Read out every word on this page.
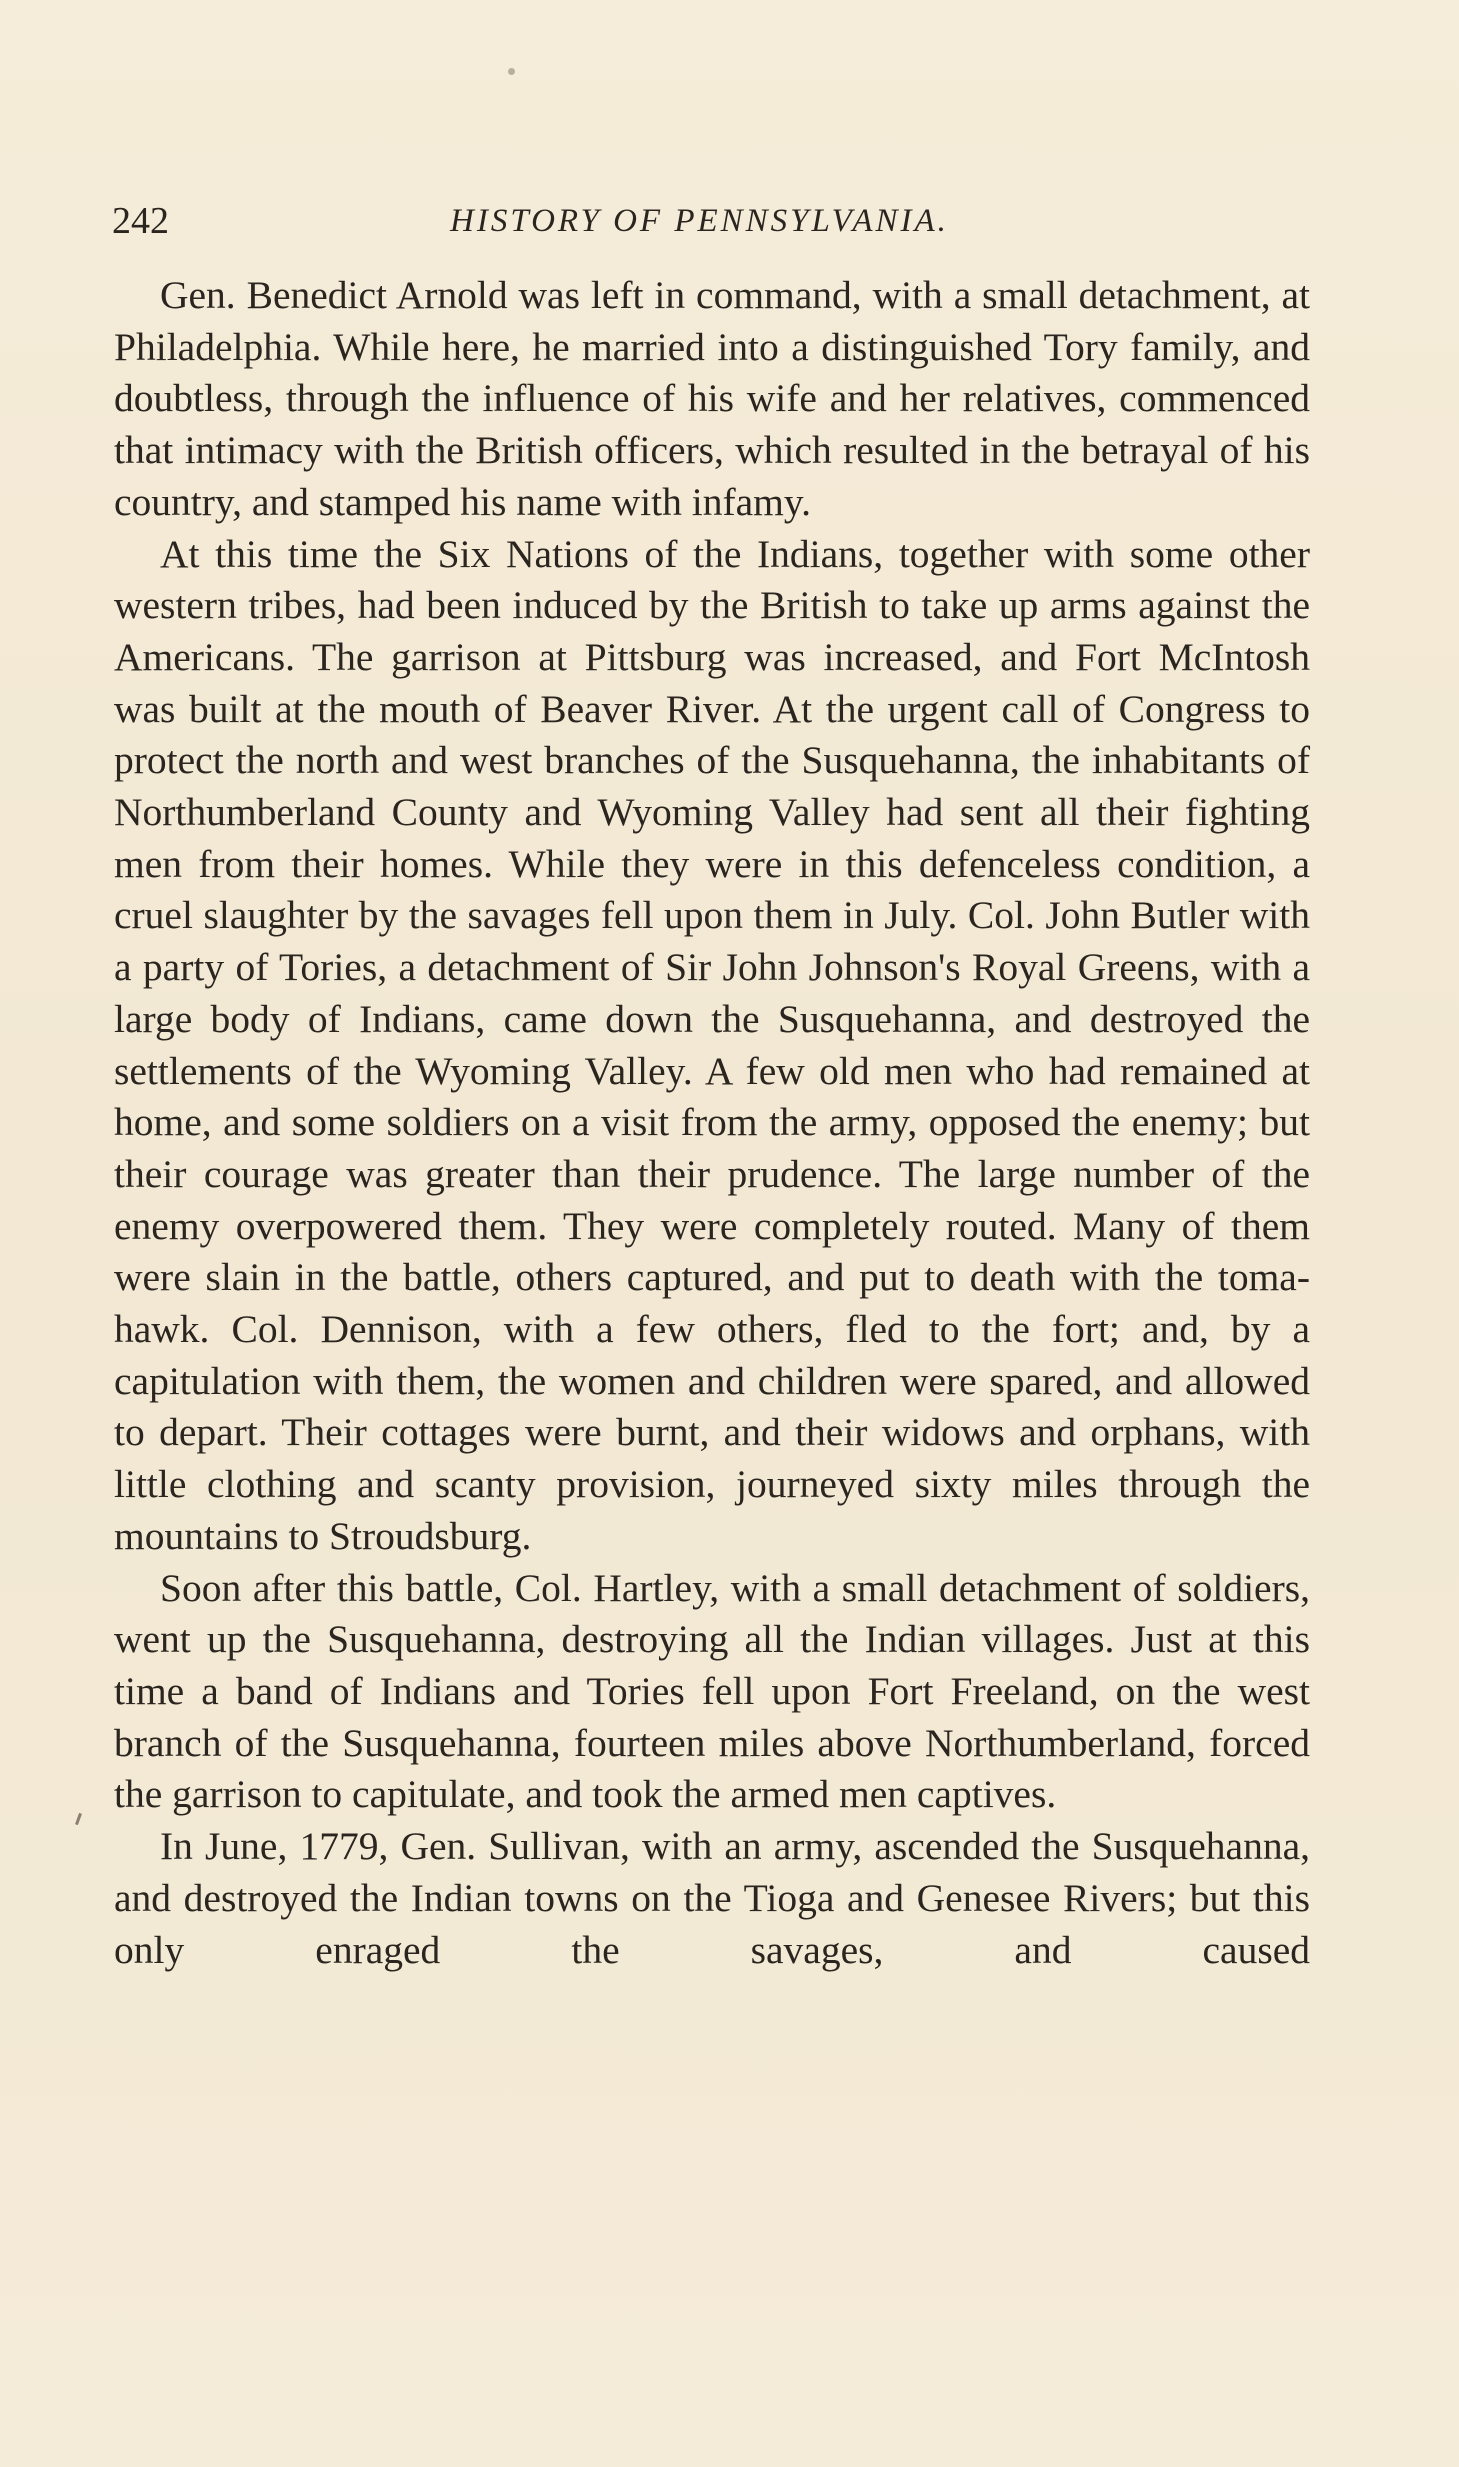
242	HISTORY OF PENNSYLVANIA.

Gen. Benedict Arnold was left in command, with a small detachment, at Philadelphia. While here, he married into a distinguished Tory family, and doubtless, through the influence of his wife and her relatives, commenced that intimacy with the British officers, which resulted in the betrayal of his country, and stamped his name with infamy.

At this time the Six Nations of the Indians, together with some other western tribes, had been induced by the British to take up arms against the Americans. The garrison at Pittsburg was increased, and Fort McIntosh was built at the mouth of Beaver River. At the urgent call of Congress to protect the north and west branches of the Susquehanna, the inhabitants of Northumberland County and Wyoming Valley had sent all their fighting men from their homes. While they were in this defenceless condition, a cruel slaughter by the savages fell upon them in July. Col. John Butler with a party of Tories, a detachment of Sir John Johnson's Royal Greens, with a large body of Indians, came down the Susquehanna, and destroyed the settlements of the Wyoming Valley. A few old men who had remained at home, and some soldiers on a visit from the army, opposed the enemy; but their courage was greater than their prudence. The large number of the enemy overpowered them. They were completely routed. Many of them were slain in the battle, others captured, and put to death with the tomahawk. Col. Dennison, with a few others, fled to the fort; and, by a capitulation with them, the women and children were spared, and allowed to depart. Their cottages were burnt, and their widows and orphans, with little clothing and scanty provision, journeyed sixty miles through the mountains to Stroudsburg.

Soon after this battle, Col. Hartley, with a small detachment of soldiers, went up the Susquehanna, destroying all the Indian villages. Just at this time a band of Indians and Tories fell upon Fort Freeland, on the west branch of the Susquehanna, fourteen miles above Northumberland, forced the garrison to capitulate, and took the armed men captives.

In June, 1779, Gen. Sullivan, with an army, ascended the Susquehanna, and destroyed the Indian towns on the Tioga and Genesee Rivers; but this only enraged the savages, and caused
